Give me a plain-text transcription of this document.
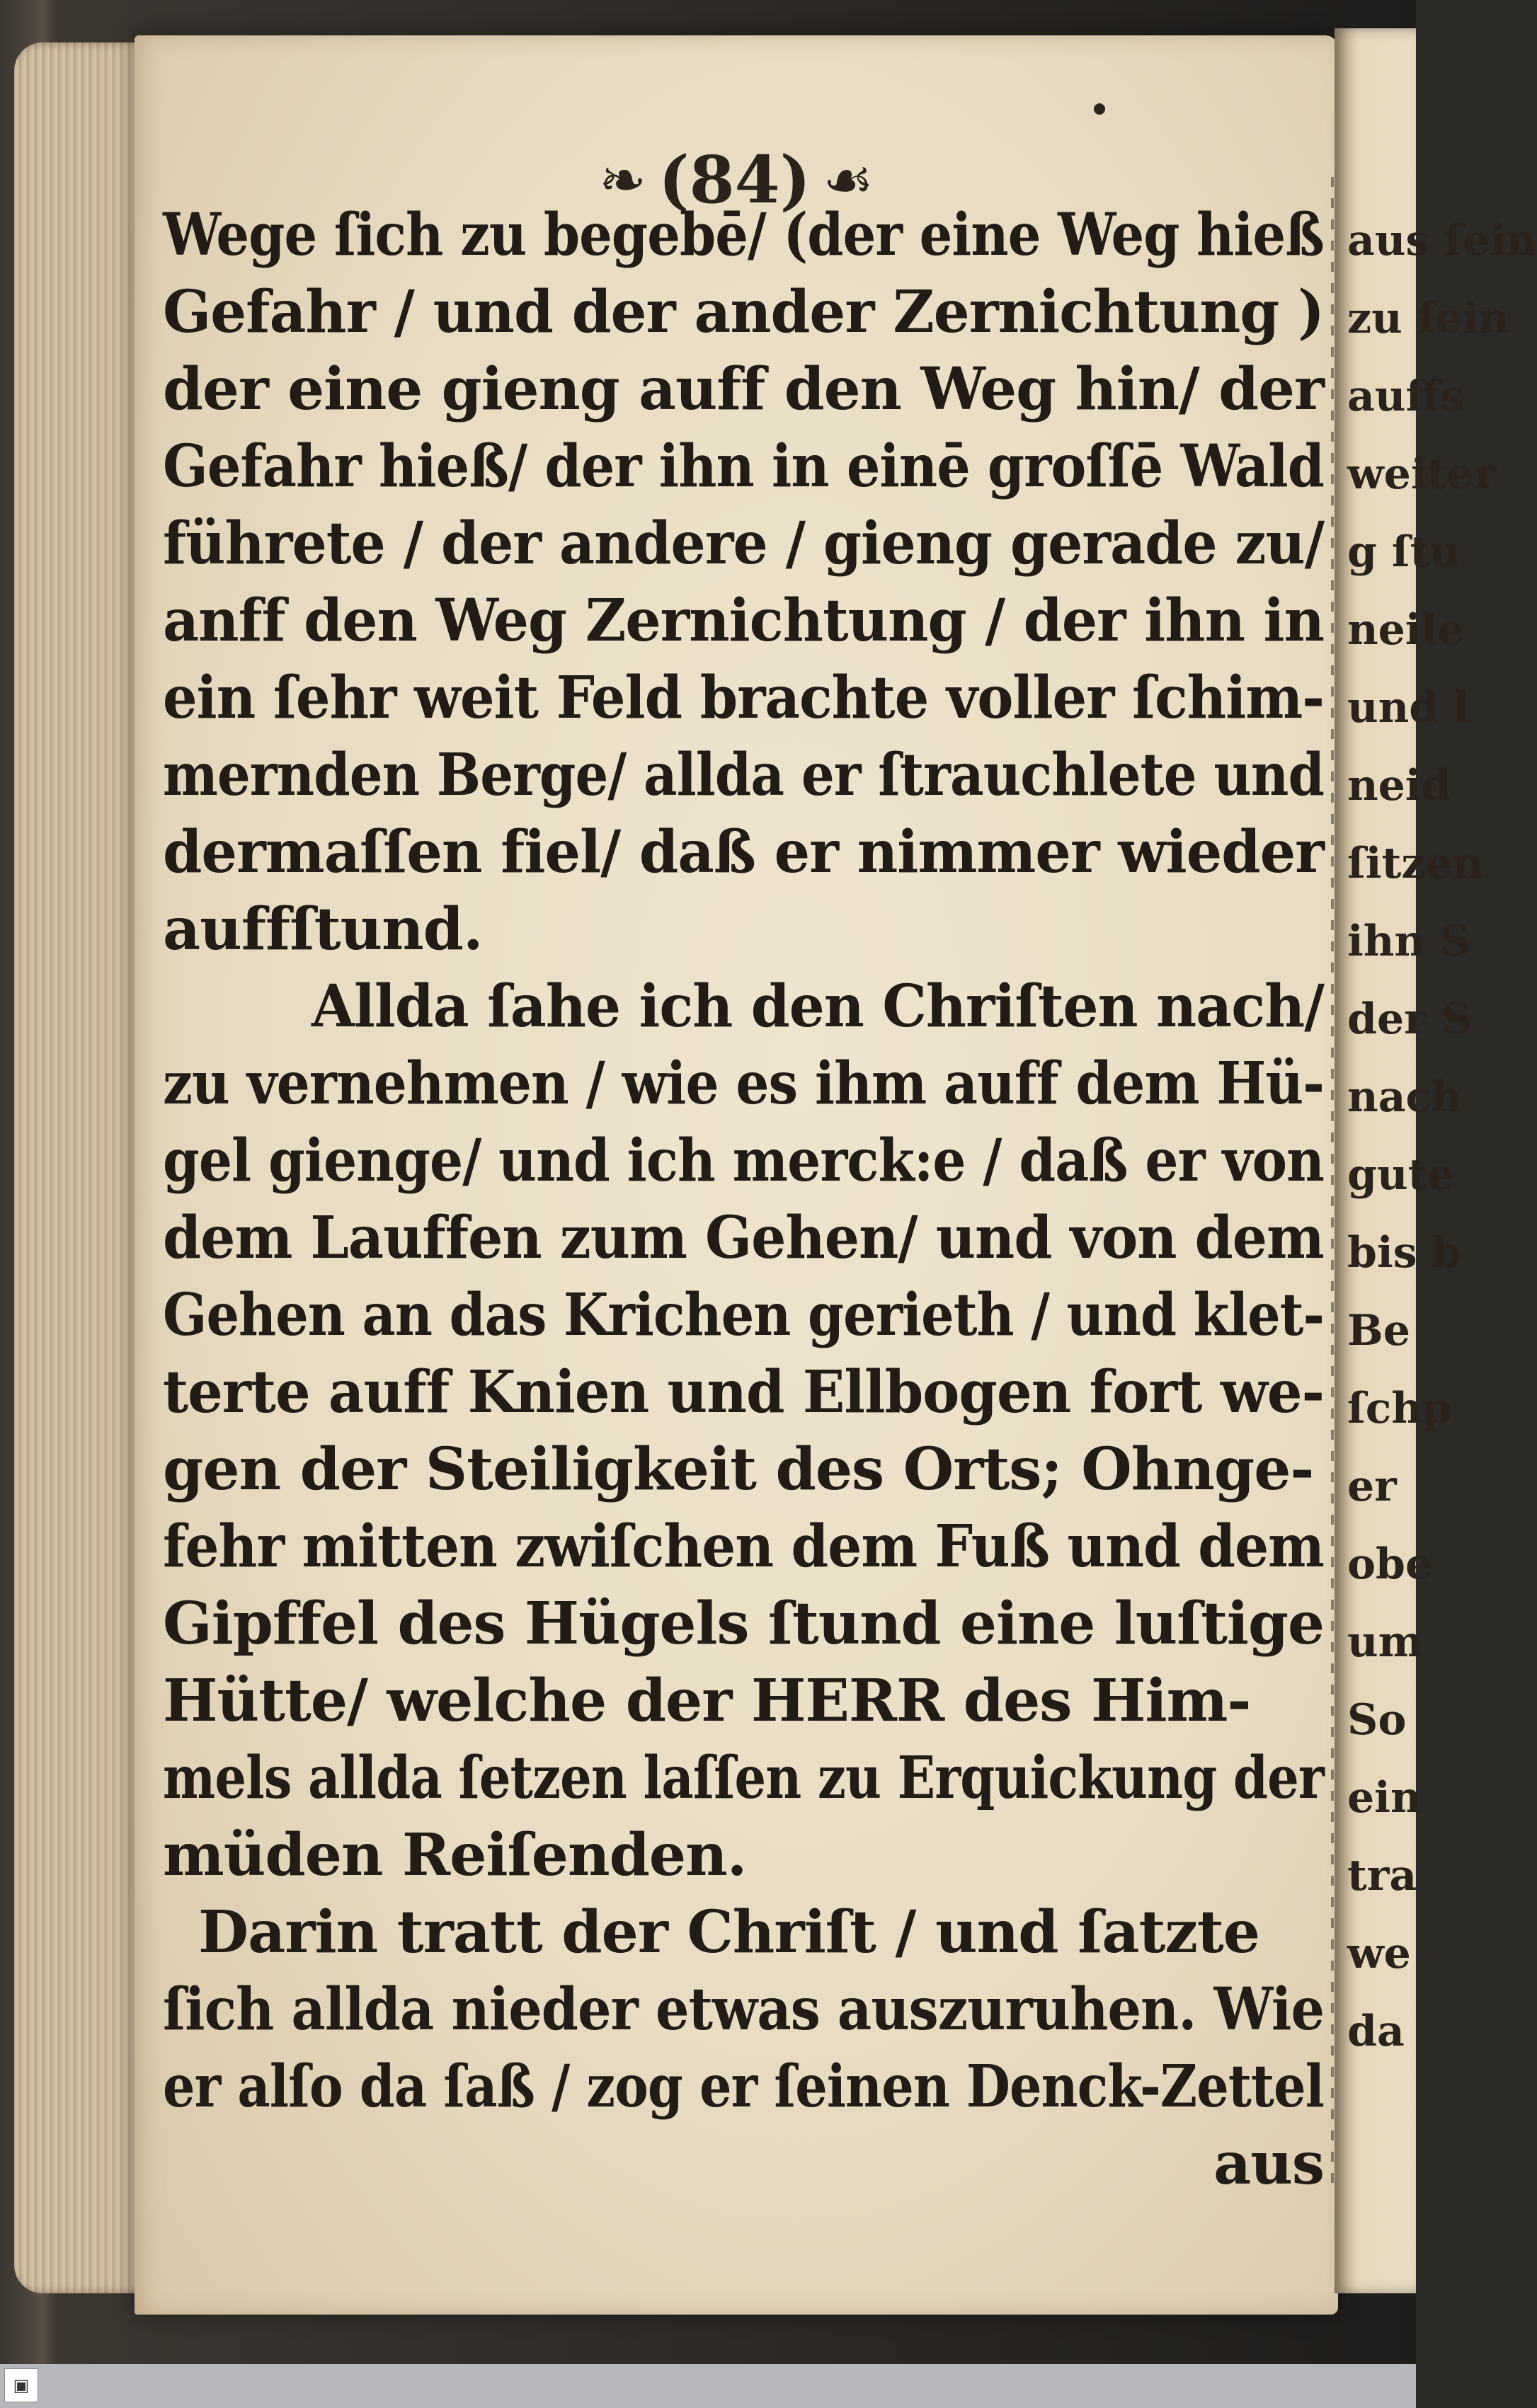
❧ (84) ☙
Wege ſich zu begebē/ (der eine Weg hieß
Gefahr / und der ander Zernichtung )
der eine gieng auff den Weg hin/ der
Gefahr hieß/ der ihn in einē groſſē Wald
führete / der andere / gieng gerade zu/
anff den Weg Zernichtung / der ihn in
ein ſehr weit Feld brachte voller ſchim-
mernden Berge/ allda er ſtrauchlete und
dermaſſen fiel/ daß er nimmer wieder
auffſtund.
Allda ſahe ich den Chriſten nach/
zu vernehmen / wie es ihm auff dem Hü-
gel gienge/ und ich merck:e / daß er von
dem Lauffen zum Gehen/ und von dem
Gehen an das Krichen gerieth / und klet-
terte auff Knien und Ellbogen fort we-
gen der Steiligkeit des Orts; Ohnge-
fehr mitten zwiſchen dem Fuß und dem
Gipffel des Hügels ſtund eine luſtige
Hütte/ welche der HERR des Him-
mels allda ſetzen laſſen zu Erquickung der
müden Reiſenden.
Darin tratt der Chriſt / und ſatzte
ſich allda nieder etwas auszuruhen. Wie
er alſo da ſaß / zog er ſeinen Denck-Zettel
aus
aus ſein
zu ſein
auffs
weiter
g ſtu
neile
und l
neid
ſitzen
ihn S
der S
nach
gute
bis b
Be
ſchp
er
obe
um
So
ein
tra
we
da
▣
